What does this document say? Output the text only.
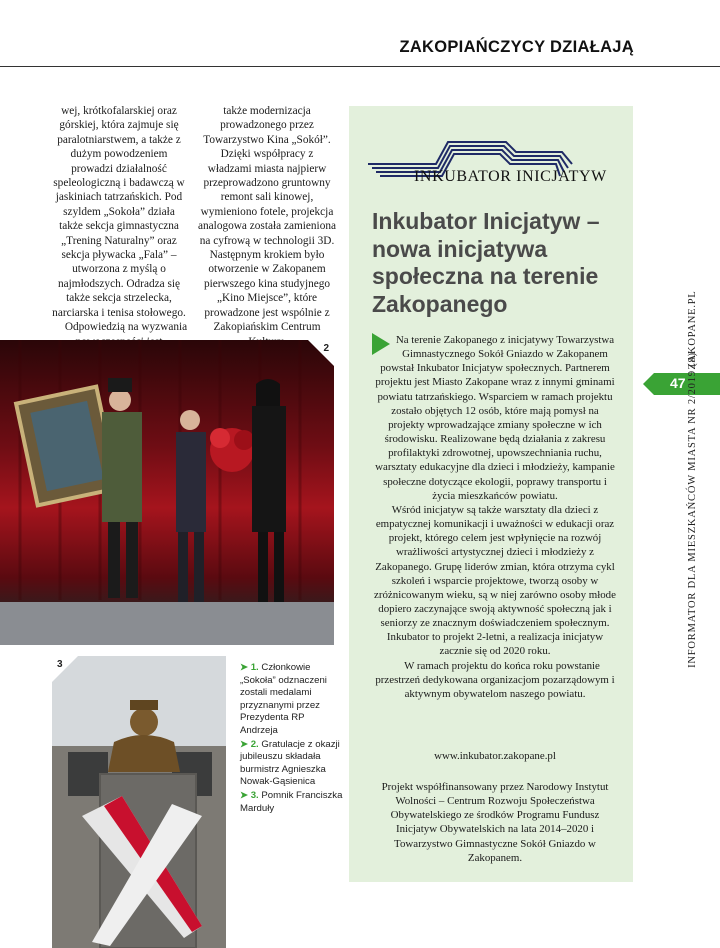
ZAKOPIAŃCZYCY DZIAŁAJĄ

wej, krótkofalarskiej oraz górskiej, która zajmuje się paralotniarstwem, a także z dużym powodzeniem prowadzi działalność speleologiczną i badawczą w jaskiniach tatrzańskich. Pod szyldem „Sokoła” działa także sekcja gimnastyczna „Trening Naturalny” oraz sekcja pływacka „Fala” – utworzona z myślą o najmłodszych. Odradza się także sekcja strzelecka, narciarska i tenisa stołowego.

Odpowiedzią na wyzwania

także modernizacja prowadzonego przez Towarzystwo Kina „Sokół”. Dzięki współpracy z władzami miasta najpierw przeprowadzono gruntowny remont sali kinowej, wymieniono fotele, projekcja analogowa została zamieniona na cyfrową w technologii 3D. Następnym krokiem było otworzenie w Zakopanem pierwszego kina studyjnego „Kino Miejsce”, które prowadzone jest wspólnie z Zakopiańskim Centrum

2
3	➤ 1. Członkowie „Sokoła” odznaczeni zostali medalami przyznanymi przez Prezydenta RP Andrzeja

➤ 2. Gratulacje z okazji jubileuszu składała burmistrz Agnieszka Nowak-Gąsienica

➤ 3. Pomnik Franciszka Marduły

INKUBATOR INICJATYW
Inkubator Inicjatyw – nowa inicjatywa społeczna na terenie Zakopanego

Na terenie Zakopanego z inicjatywy Towarzystwa Gimnastycznego Sokół Gniazdo w Zakopanem powstał Inkubator Inicjatyw społecznych. Partnerem projektu jest Miasto Zakopane wraz z innymi gminami powiatu tatrzańskiego. Wsparciem w ramach projektu zostało objętych 12 osób, które mają pomysł na projekty wprowadzające zmiany społeczne w ich środowisku. Realizowane będą działania z zakresu profilaktyki zdrowotnej, upowszechniania ruchu, warsztaty edukacyjne dla dzieci i młodzieży, kampanie społeczne dotyczące ekologii, poprawy transportu i życia mieszkańców powiatu.

Wśród inicjatyw są także warsztaty dla dzieci z empatycznej komunikacji i uważności w edukacji oraz projekt, którego celem jest wpłynięcie na rozwój wrażliwości artystycznej dzieci i młodzieży z Zakopanego. Grupę liderów zmian, która otrzyma cykl szkoleń i wsparcie projektowe, tworzą osoby w zróżnicowanym wieku, są w niej zarówno osoby młode dopiero zaczynające swoją aktywność społeczną jak i seniorzy ze znacznym doświadczeniem społecznym. Inkubator to projekt 2-letni, a realizacja inicjatyw zacznie się od 2020 roku.

W ramach projektu do końca roku powstanie przestrzeń dedykowana organizacjom pozarządowym i aktywnym obywatelom naszego powiatu.

www.inkubator.zakopane.pl
Projekt współfinansowany przez Narodowy Instytut Wolności – Centrum Rozwoju Społeczeństwa Obywatelskiego ze środków Programu Fundusz Inicjatyw Obywatelskich na lata 2014–2020 i Towarzystwo Gimnastyczne Sokół Gniazdo w Zakopanem.
ZAKOPANE.PL
47 INFORMATOR DLA MIESZKAŃCÓW MIASTA NR 2/2019 (8)
